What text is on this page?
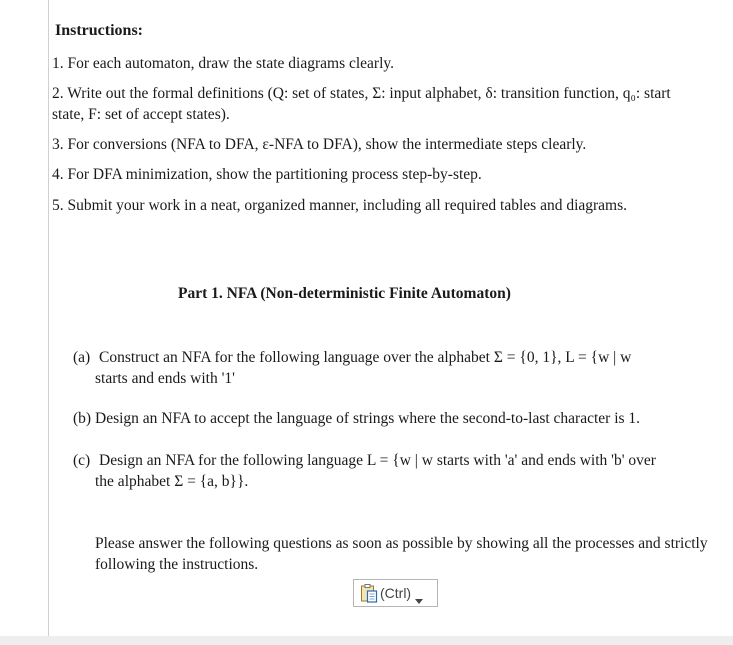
Instructions:
1. For each automaton, draw the state diagrams clearly.
2. Write out the formal definitions (Q: set of states, Σ: input alphabet, δ: transition function, q₀: start state, F: set of accept states).
3. For conversions (NFA to DFA, ε-NFA to DFA), show the intermediate steps clearly.
4. For DFA minimization, show the partitioning process step-by-step.
5. Submit your work in a neat, organized manner, including all required tables and diagrams.
Part 1. NFA (Non-deterministic Finite Automaton)
(a) Construct an NFA for the following language over the alphabet Σ = {0, 1}, L = {w | w
starts and ends with '1'
(b) Design an NFA to accept the language of strings where the second-to-last character is 1.
(c) Design an NFA for the following language L = {w | w starts with 'a' and ends with 'b' over
the alphabet Σ = {a, b}}.
Please answer the following questions as soon as possible by showing all the processes and strictly following the instructions.
(Ctrl)
